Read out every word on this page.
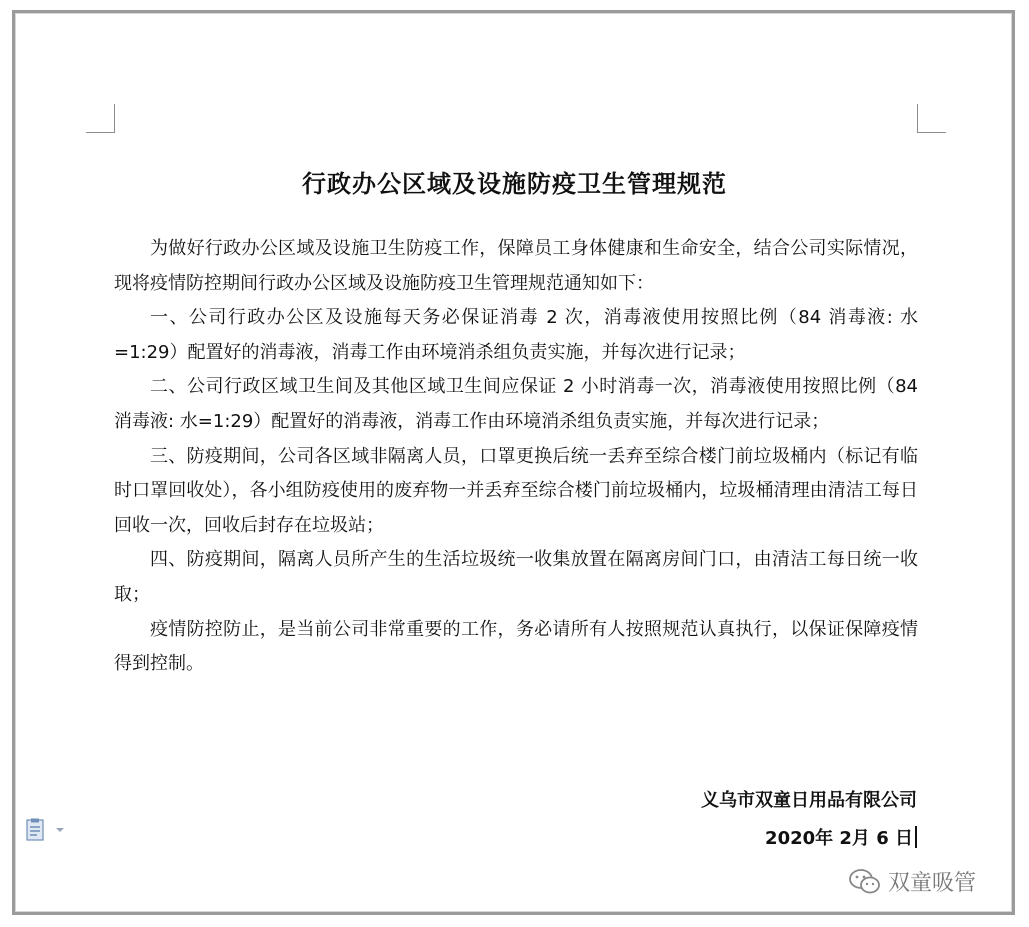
行政办公区域及设施防疫卫生管理规范

为做好行政办公区域及设施卫生防疫工作，保障员工身体健康和生命安全，结合公司实际情况，现将疫情防控期间行政办公区域及设施防疫卫生管理规范通知如下：

一、公司行政办公区及设施每天务必保证消毒 2 次，消毒液使用按照比例（84 消毒液: 水=1:29）配置好的消毒液，消毒工作由环境消杀组负责实施，并每次进行记录；

二、公司行政区域卫生间及其他区域卫生间应保证 2 小时消毒一次，消毒液使用按照比例（84 消毒液: 水=1:29）配置好的消毒液，消毒工作由环境消杀组负责实施，并每次进行记录；

三、防疫期间，公司各区域非隔离人员，口罩更换后统一丢弃至综合楼门前垃圾桶内（标记有临时口罩回收处），各小组防疫使用的废弃物一并丢弃至综合楼门前垃圾桶内，垃圾桶清理由清洁工每日回收一次，回收后封存在垃圾站；

四、防疫期间，隔离人员所产生的生活垃圾统一收集放置在隔离房间门口，由清洁工每日统一收取；

疫情防控防止，是当前公司非常重要的工作，务必请所有人按照规范认真执行，以保证保障疫情得到控制。

义乌市双童日用品有限公司
2020年 2月 6 日
双童吸管
